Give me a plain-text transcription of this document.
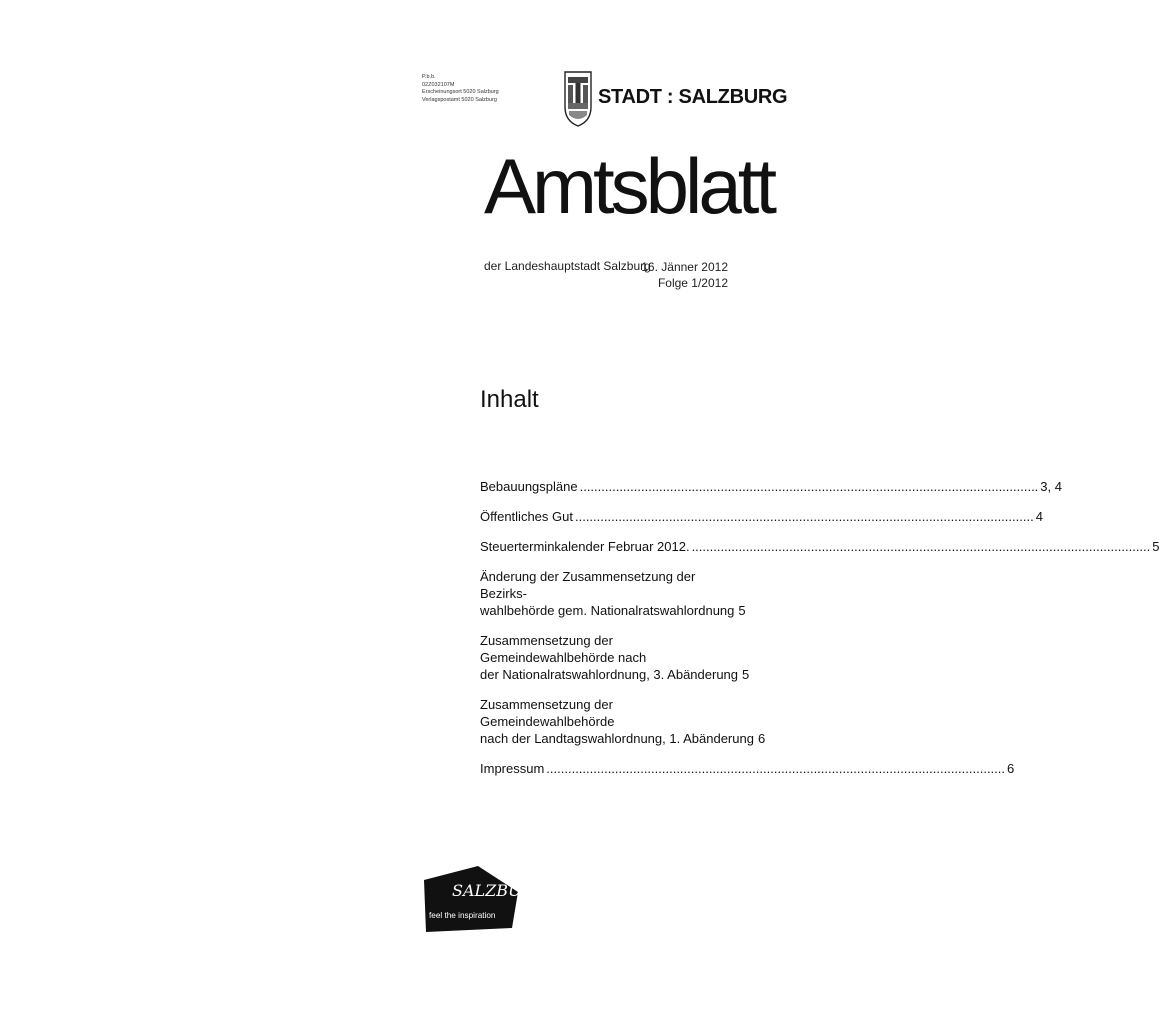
P.b.b.
02Z032107M
Erscheinungsort 5020 Salzburg
Verlagspostamt 5020 Salzburg	STADT : SALZBURG
Amtsblatt
der Landeshauptstadt Salzburg
16. Jänner 2012
Folge 1/2012
Inhalt
Bebauungspläne .....	3, 4
Öffentliches Gut .....	4
Steuerterminkalender Februar 2012. .....	5
Änderung der Zusammensetzung der Bezirks-
wahlbehörde gem. Nationalratswahlordnung 5
Zusammensetzung der Gemeindewahlbehörde nach
der Nationalratswahlordnung, 3. Abänderung 5
Zusammensetzung der Gemeindewahlbehörde
nach der Landtagswahlordnung, 1. Abänderung 6
Impressum .....	6
SALZBURG
feel the inspiration
